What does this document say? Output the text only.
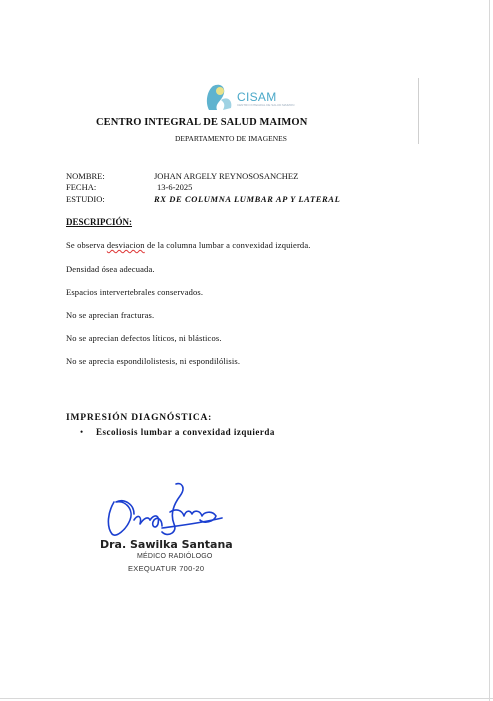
CISAM
CENTRO INTEGRAL DE SALUD MAIMON
CENTRO INTEGRAL DE SALUD MAIMON
DEPARTAMENTO DE IMAGENES
NOMBRE:	JOHAN ARGELY REYNOSOSANCHEZ
FECHA:	13-6-2025
ESTUDIO:	RX DE COLUMNA LUMBAR AP Y LATERAL
DESCRIPCIÓN:
Se observa desviacion de la columna lumbar a convexidad izquierda.
Densidad ósea adecuada.
Espacios intervertebrales conservados.
No se aprecian fracturas.
No se aprecian defectos líticos, ni blásticos.
No se aprecia espondilolistesis, ni espondilólisis.
IMPRESIÓN DIAGNÓSTICA:
• Escoliosis lumbar a convexidad izquierda
Dra. Santana
Dra. Sawilka Santana
MÉDICO RADIÓLOGO
EXEQUATUR 700-20
